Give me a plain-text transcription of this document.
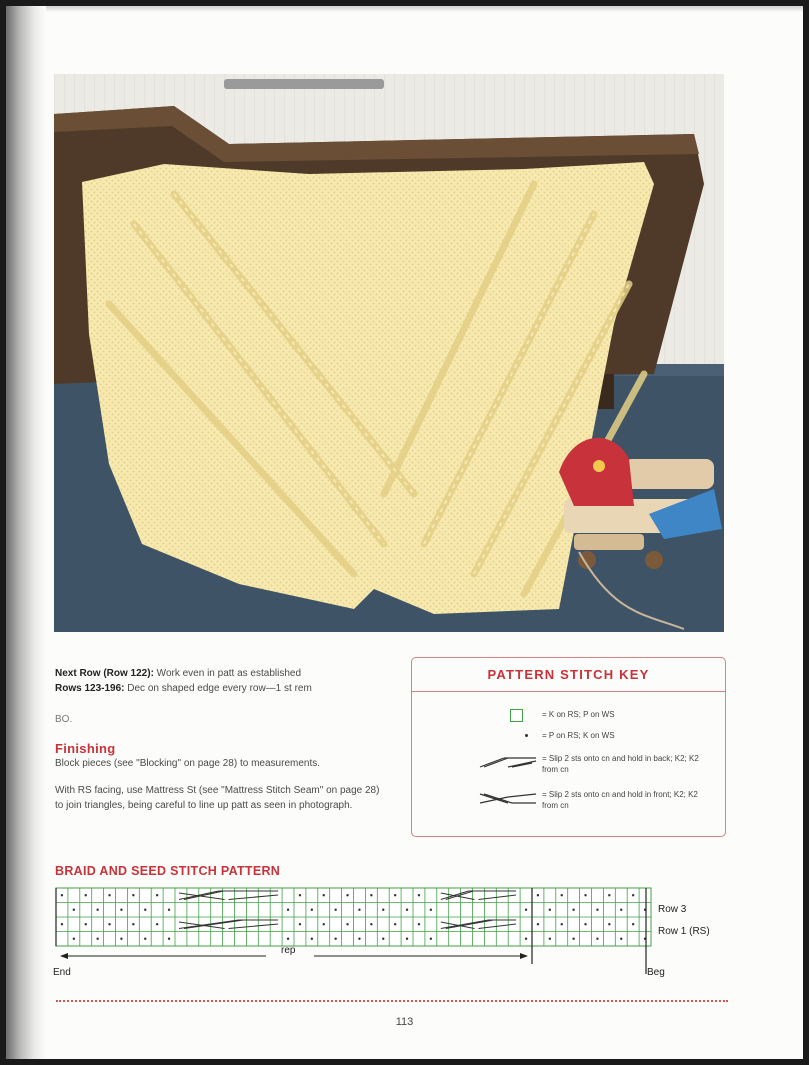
Next Row (Row 122): Work even in patt as established

Rows 123-196: Dec on shaped edge every row—1 st rem

BO.

Finishing

Block pieces (see "Blocking" on page 28) to measurements.

With RS facing, use Mattress St (see "Mattress Stitch Seam" on page 28) to join triangles, being careful to line up patt as seen in photograph.

PATTERN STITCH KEY
= K on RS; P on WS
= P on RS; K on WS
= Slip 2 sts onto cn and hold in back; K2; K2 from cn
= Slip 2 sts onto cn and hold in front; K2; K2 from cn
BRAID AND SEED STITCH PATTERN
Row 3
Row 1 (RS)
rep
End	Beg
113
